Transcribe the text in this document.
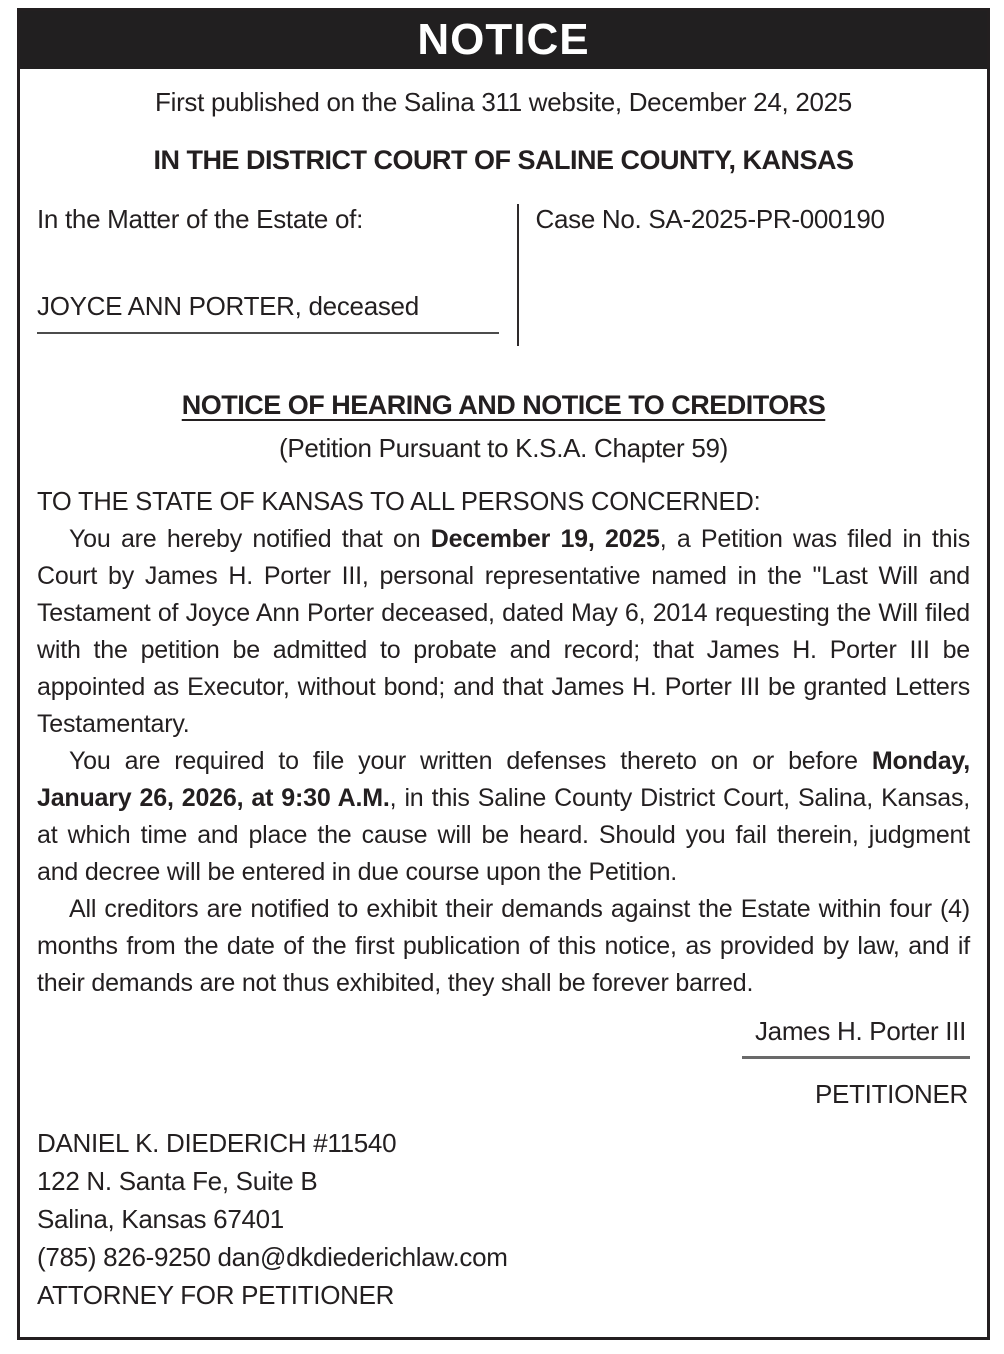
NOTICE

First published on the Salina 311 website, December 24, 2025

IN THE DISTRICT COURT OF SALINE COUNTY, KANSAS

In the Matter of the Estate of:

JOYCE ANN PORTER, deceased

Case No. SA-2025-PR-000190

NOTICE OF HEARING AND NOTICE TO CREDITORS

(Petition Pursuant to K.S.A. Chapter 59)

TO THE STATE OF KANSAS TO ALL PERSONS CONCERNED:

You are hereby notified that on December 19, 2025, a Petition was filed in this Court by James H. Porter III, personal representative named in the "Last Will and Testament of Joyce Ann Porter deceased, dated May 6, 2014 requesting the Will filed with the petition be admitted to probate and record; that James H. Porter III be appointed as Executor, without bond; and that James H. Porter III be granted Letters Testamentary.

You are required to file your written defenses thereto on or before Monday, January 26, 2026, at 9:30 A.M., in this Saline County District Court, Salina, Kansas, at which time and place the cause will be heard. Should you fail therein, judgment and decree will be entered in due course upon the Petition.

All creditors are notified to exhibit their demands against the Estate within four (4) months from the date of the first publication of this notice, as provided by law, and if their demands are not thus exhibited, they shall be forever barred.

James H. Porter III

PETITIONER

DANIEL K. DIEDERICH #11540

122 N. Santa Fe, Suite B

Salina, Kansas 67401

(785) 826-9250 dan@dkdiederichlaw.com

ATTORNEY FOR PETITIONER
